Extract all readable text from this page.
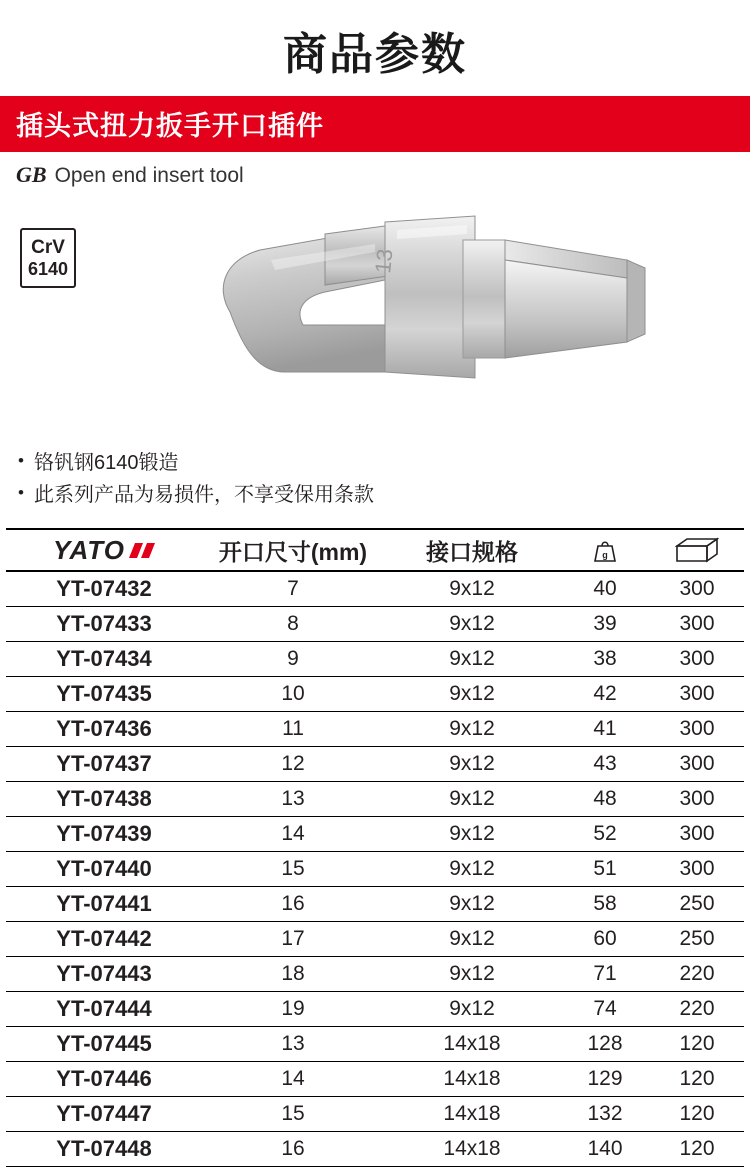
商品参数
插头式扭力扳手开口插件
GB Open end insert tool
CrV
6140	13
• 铬钒钢6140锻造
• 此系列产品为易损件，不享受保用条款
YATO	开口尺寸(mm)	接口规格	g

YT-07432	7	9x12	40	300
YT-07433	8	9x12	39	300
YT-07434	9	9x12	38	300
YT-07435	10	9x12	42	300
YT-07436	11	9x12	41	300
YT-07437	12	9x12	43	300
YT-07438	13	9x12	48	300
YT-07439	14	9x12	52	300
YT-07440	15	9x12	51	300
YT-07441	16	9x12	58	250
YT-07442	17	9x12	60	250
YT-07443	18	9x12	71	220
YT-07444	19	9x12	74	220
YT-07445	13	14x18	128	120
YT-07446	14	14x18	129	120
YT-07447	15	14x18	132	120
YT-07448	16	14x18	140	120
